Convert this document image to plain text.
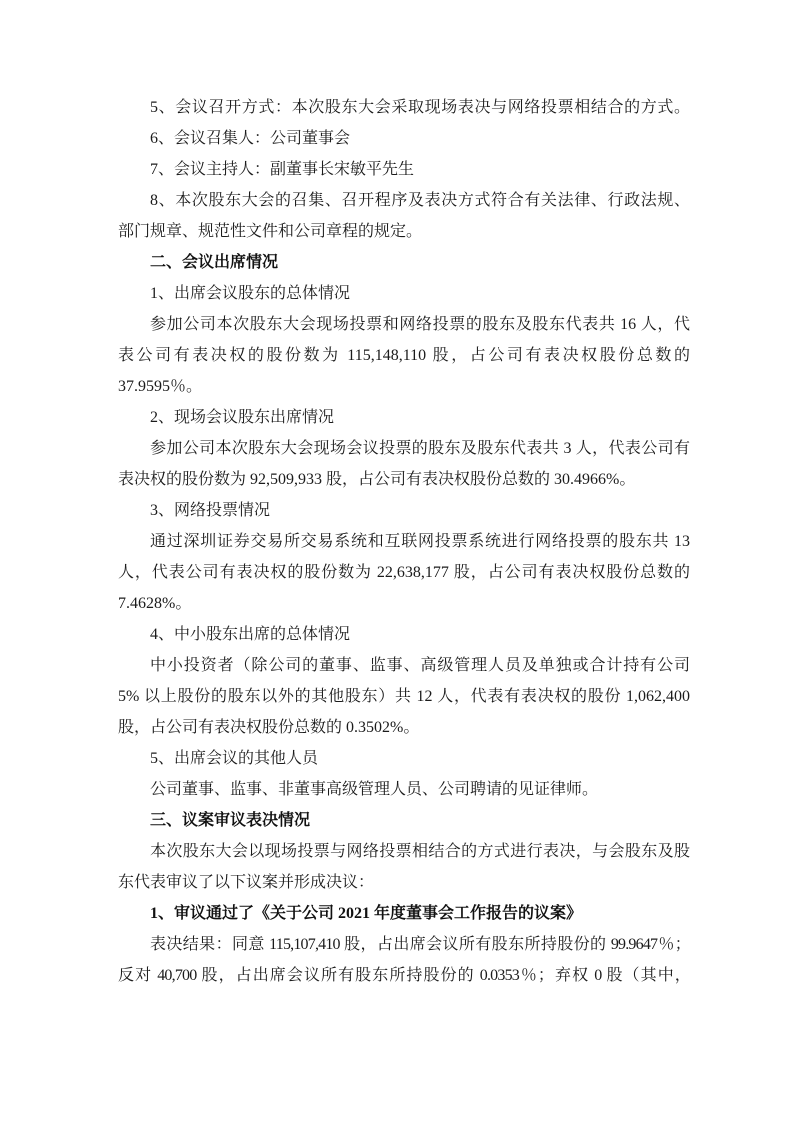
5、会议召开方式：本次股东大会采取现场表决与网络投票相结合的方式。
6、会议召集人：公司董事会
7、会议主持人：副董事长宋敏平先生
8、本次股东大会的召集、召开程序及表决方式符合有关法律、行政法规、
部门规章、规范性文件和公司章程的规定。
二、会议出席情况
1、出席会议股东的总体情况
参加公司本次股东大会现场投票和网络投票的股东及股东代表共 16 人，代
表公司有表决权的股份数为 115,148,110 股，占公司有表决权股份总数的
37.9595％。
2、现场会议股东出席情况
参加公司本次股东大会现场会议投票的股东及股东代表共 3 人，代表公司有
表决权的股份数为 92,509,933 股，占公司有表决权股份总数的 30.4966%。
3、网络投票情况
通过深圳证券交易所交易系统和互联网投票系统进行网络投票的股东共 13
人，代表公司有表决权的股份数为 22,638,177 股，占公司有表决权股份总数的
7.4628%。
4、中小股东出席的总体情况
中小投资者（除公司的董事、监事、高级管理人员及单独或合计持有公司
5% 以上股份的股东以外的其他股东）共 12 人，代表有表决权的股份 1,062,400
股，占公司有表决权股份总数的 0.3502%。
5、出席会议的其他人员
公司董事、监事、非董事高级管理人员、公司聘请的见证律师。
三、议案审议表决情况
本次股东大会以现场投票与网络投票相结合的方式进行表决，与会股东及股
东代表审议了以下议案并形成决议：
1、审议通过了《关于公司 2021 年度董事会工作报告的议案》
表决结果：同意 115,107,410 股，占出席会议所有股东所持股份的 99.9647％；
反对 40,700 股，占出席会议所有股东所持股份的 0.0353％；弃权 0 股（其中，
